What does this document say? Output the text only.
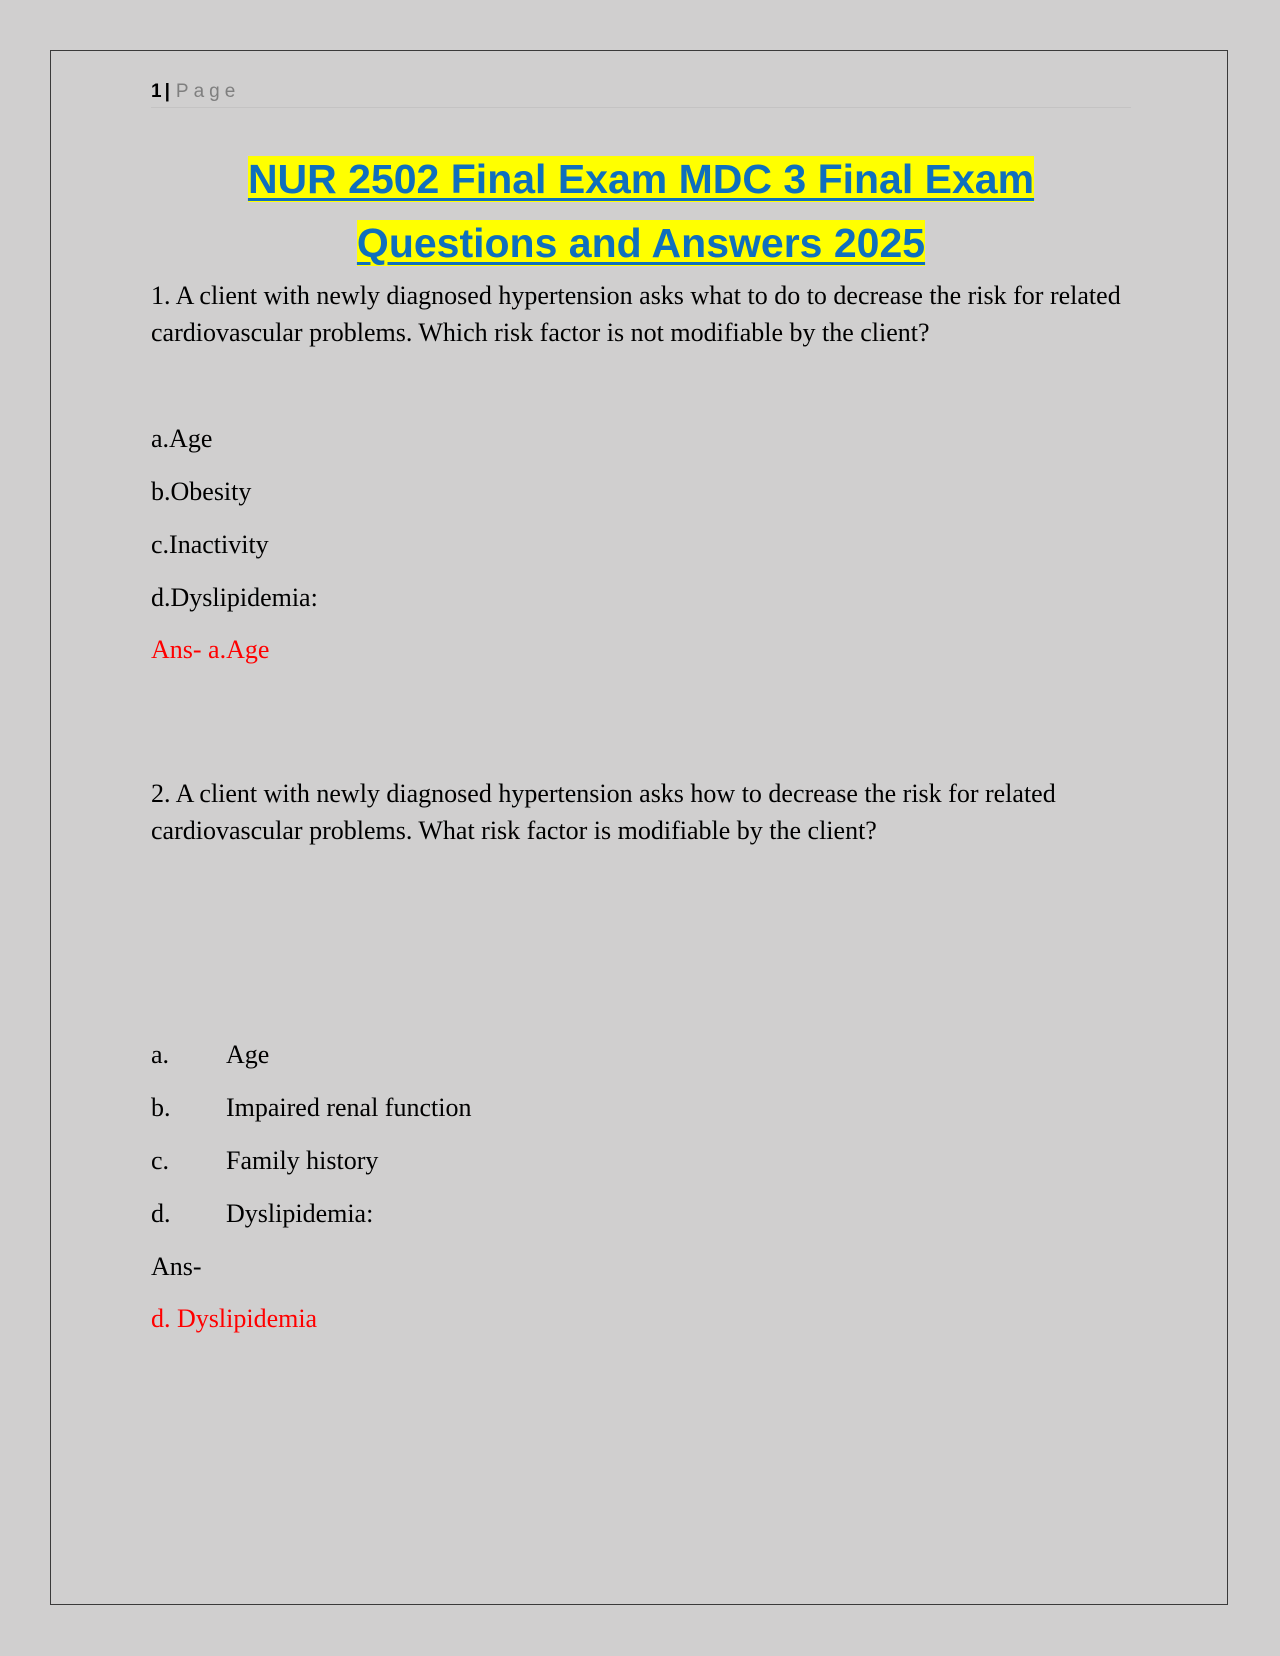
1 | Page
NUR 2502 Final Exam MDC 3 Final Exam
Questions and Answers 2025
1. A client with newly diagnosed hypertension asks what to do to decrease the risk for related cardiovascular problems. Which risk factor is not modifiable by the client?
a.Age
b.Obesity
c.Inactivity
d.Dyslipidemia:
Ans- a.Age
2. A client with newly diagnosed hypertension asks how to decrease the risk for related cardiovascular problems. What risk factor is modifiable by the client?
a. Age
b. Impaired renal function
c. Family history
d. Dyslipidemia:
Ans-
d. Dyslipidemia
